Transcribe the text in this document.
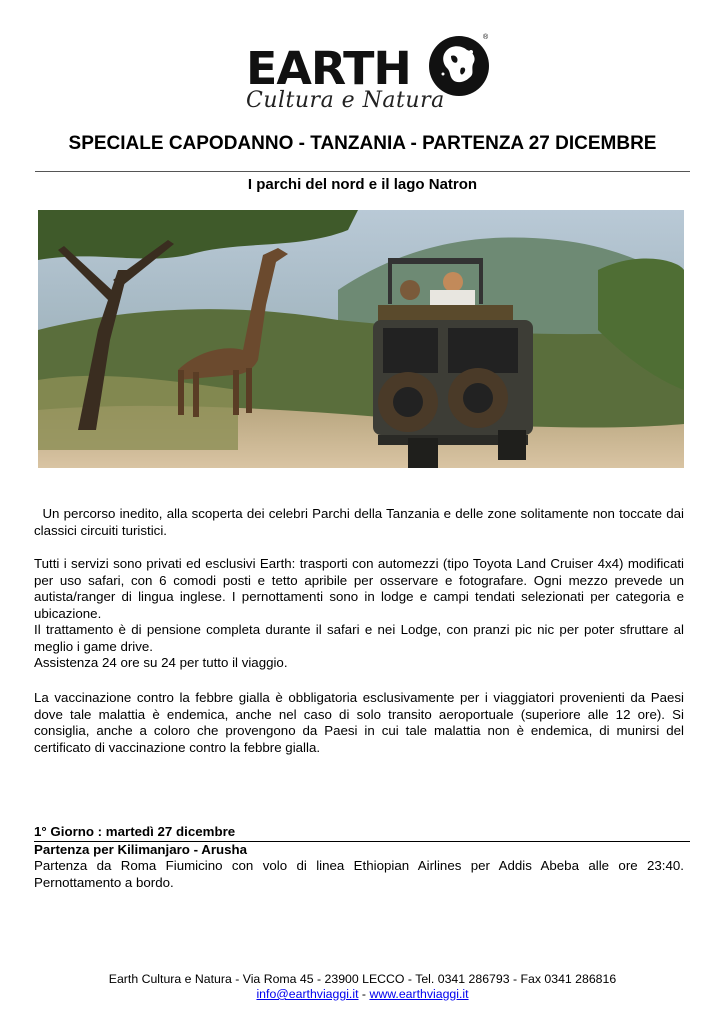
EARTH
®
Cultura e Natura
SPECIALE CAPODANNO - TANZANIA - PARTENZA 27 DICEMBRE
I parchi del nord e il lago Natron

Un percorso inedito, alla scoperta dei celebri Parchi della Tanzania e delle zone solitamente non toccate dai classici circuiti turistici.

Tutti i servizi sono privati ed esclusivi Earth: trasporti con automezzi (tipo Toyota Land Cruiser 4x4) modificati per uso safari, con 6 comodi posti e tetto apribile per osservare e fotografare. Ogni mezzo prevede un autista/ranger di lingua inglese. I pernottamenti sono in lodge e campi tendati selezionati per categoria e ubicazione.

Il trattamento è di pensione completa durante il safari e nei Lodge, con pranzi pic nic per poter sfruttare al meglio i game drive.

Assistenza 24 ore su 24 per tutto il viaggio.

La vaccinazione contro la febbre gialla è obbligatoria esclusivamente per i viaggiatori provenienti da Paesi dove tale malattia è endemica, anche nel caso di solo transito aeroportuale (superiore alle 12 ore). Si consiglia, anche a coloro che provengono da Paesi in cui tale malattia non è endemica, di munirsi del certificato di vaccinazione contro la febbre gialla.

1° Giorno : martedì 27 dicembre
Partenza per Kilimanjaro - Arusha

Partenza da Roma Fiumicino con volo di linea Ethiopian Airlines per Addis Abeba alle ore 23:40. Pernottamento a bordo.

Earth Cultura e Natura - Via Roma 45 - 23900 LECCO - Tel. 0341 286793 - Fax 0341 286816
info@earthviaggi.it - www.earthviaggi.it
